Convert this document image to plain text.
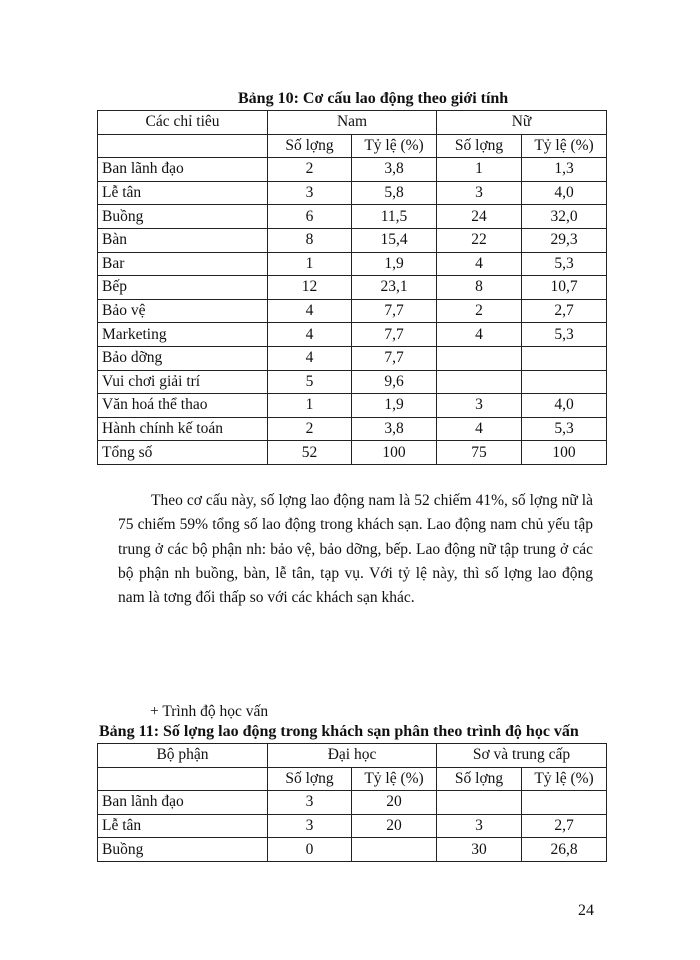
Bảng 10: Cơ cấu lao động theo giới tính
Các chỉ tiêu	Nam		Nữ	
	Số lợng	Tỷ lệ (%)	Số lợng	Tỷ lệ (%)
Ban lãnh đạo	2	3,8	1	1,3
Lễ tân	3	5,8	3	4,0
Buồng	6	11,5	24	32,0
Bàn	8	15,4	22	29,3
Bar	1	1,9	4	5,3
Bếp	12	23,1	8	10,7
Bảo vệ	4	7,7	2	2,7
Marketing	4	7,7	4	5,3
Bảo dỡng	4	7,7		
Vui chơi giải trí	5	9,6		
Văn hoá thể thao	1	1,9	3	4,0
Hành chính kế toán	2	3,8	4	5,3
Tổng số	52	100	75	100

Theo cơ cấu này, số lợng lao động nam là 52 chiếm 41%, số lợng nữ là 75 chiếm 59% tổng số lao động trong khách sạn. Lao động nam chủ yếu tập trung ở các bộ phận nh: bảo vệ, bảo dỡng, bếp. Lao động nữ tập trung ở các bộ phận nh buồng, bàn, lễ tân, tạp vụ. Với tỷ lệ này, thì số lợng lao động nam là tơng đối thấp so với các khách sạn khác.

+ Trình độ học vấn
Bảng 11: Số lợng lao động trong khách sạn phân theo trình độ học vấn
Bộ phận	Đại học		Sơ và trung cấp	
	Số lợng	Tỷ lệ (%)	Số lợng	Tỷ lệ (%)
Ban lãnh đạo	3	20		
Lễ tân	3	20	3	2,7
Buồng	0		30	26,8
24
